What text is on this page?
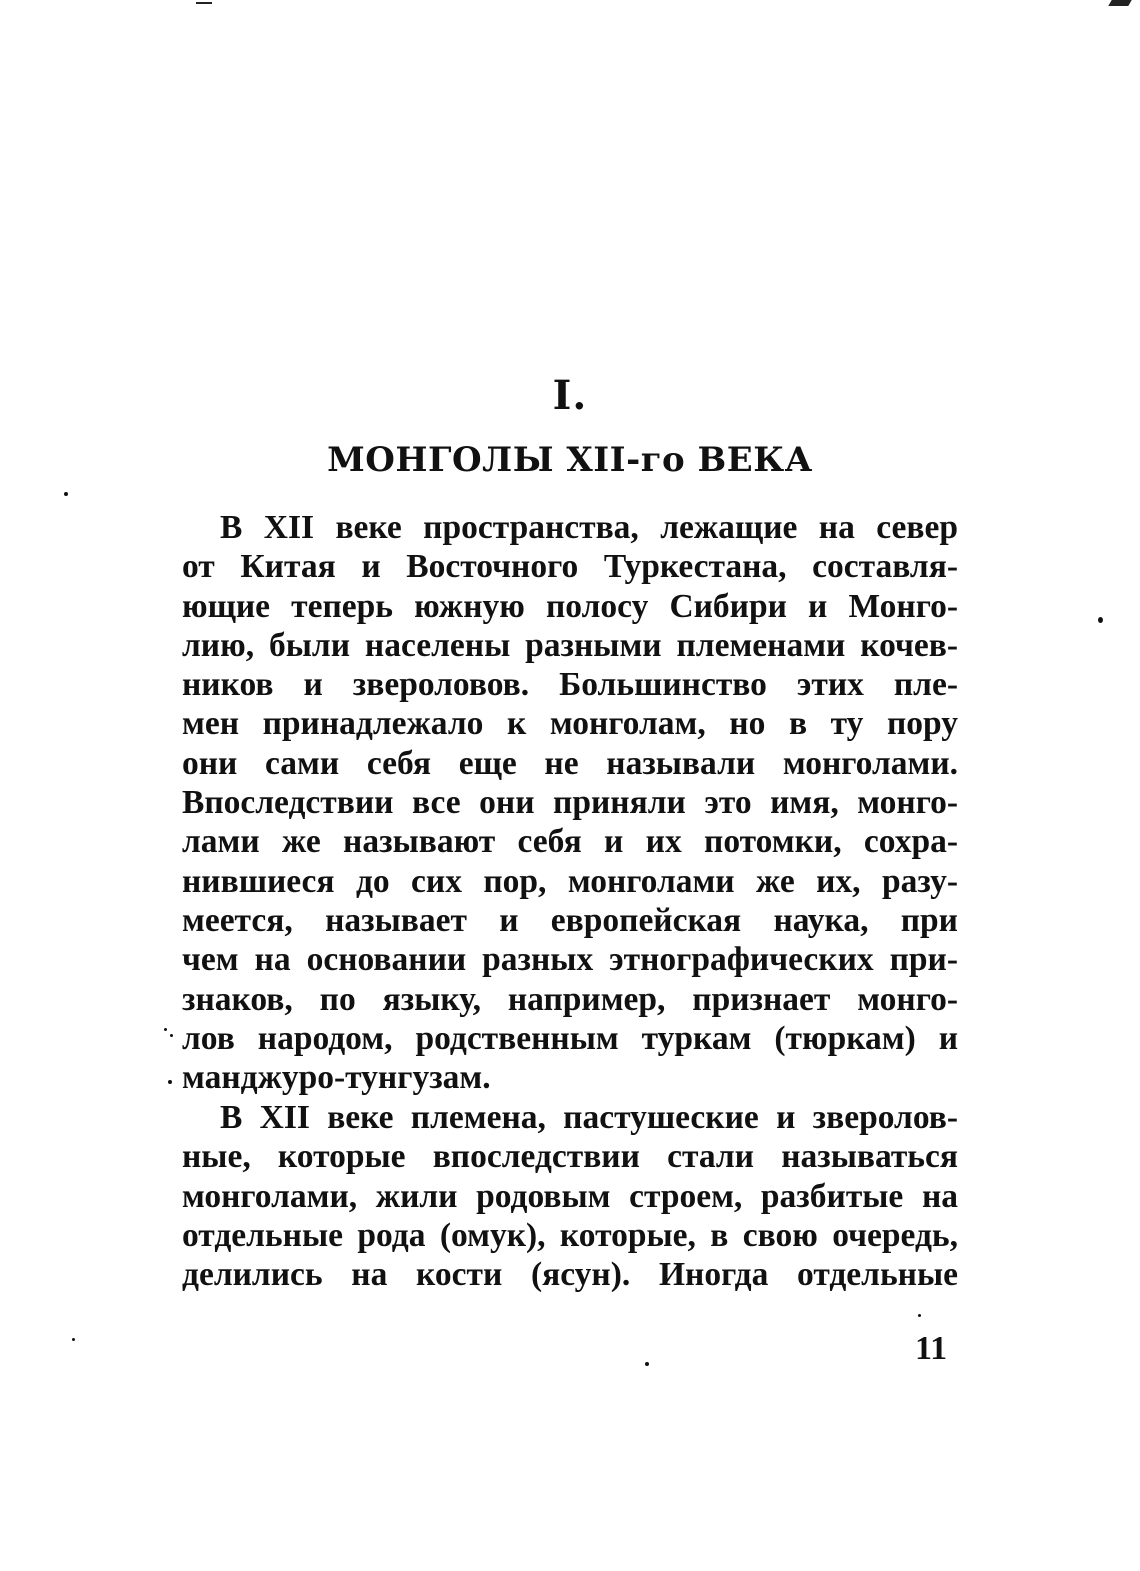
I.
МОНГОЛЫ XII-го ВЕКА
В XII веке пространства, лежащие на север
от Китая и Восточного Туркестана, составля-
ющие теперь южную полосу Сибири и Монго-
лию, были населены разными племенами кочев-
ников и звероловов. Большинство этих пле-
мен принадлежало к монголам, но в ту пору
они сами себя еще не называли монголами.
Впоследствии все они приняли это имя, монго-
лами же называют себя и их потомки, сохра-
нившиеся до сих пор, монголами же их, разу-
меется, называет и европейская наука, при
чем на основании разных этнографических при-
знаков, по языку, например, признает монго-
лов народом, родственным туркам (тюркам) и
манджуро-тунгузам.
В XII веке племена, пастушеские и зверолов-
ные, которые впоследствии стали называться
монголами, жили родовым строем, разбитые на
отдельные рода (омук), которые, в свою очередь,
делились на кости (ясун). Иногда отдельные
11
